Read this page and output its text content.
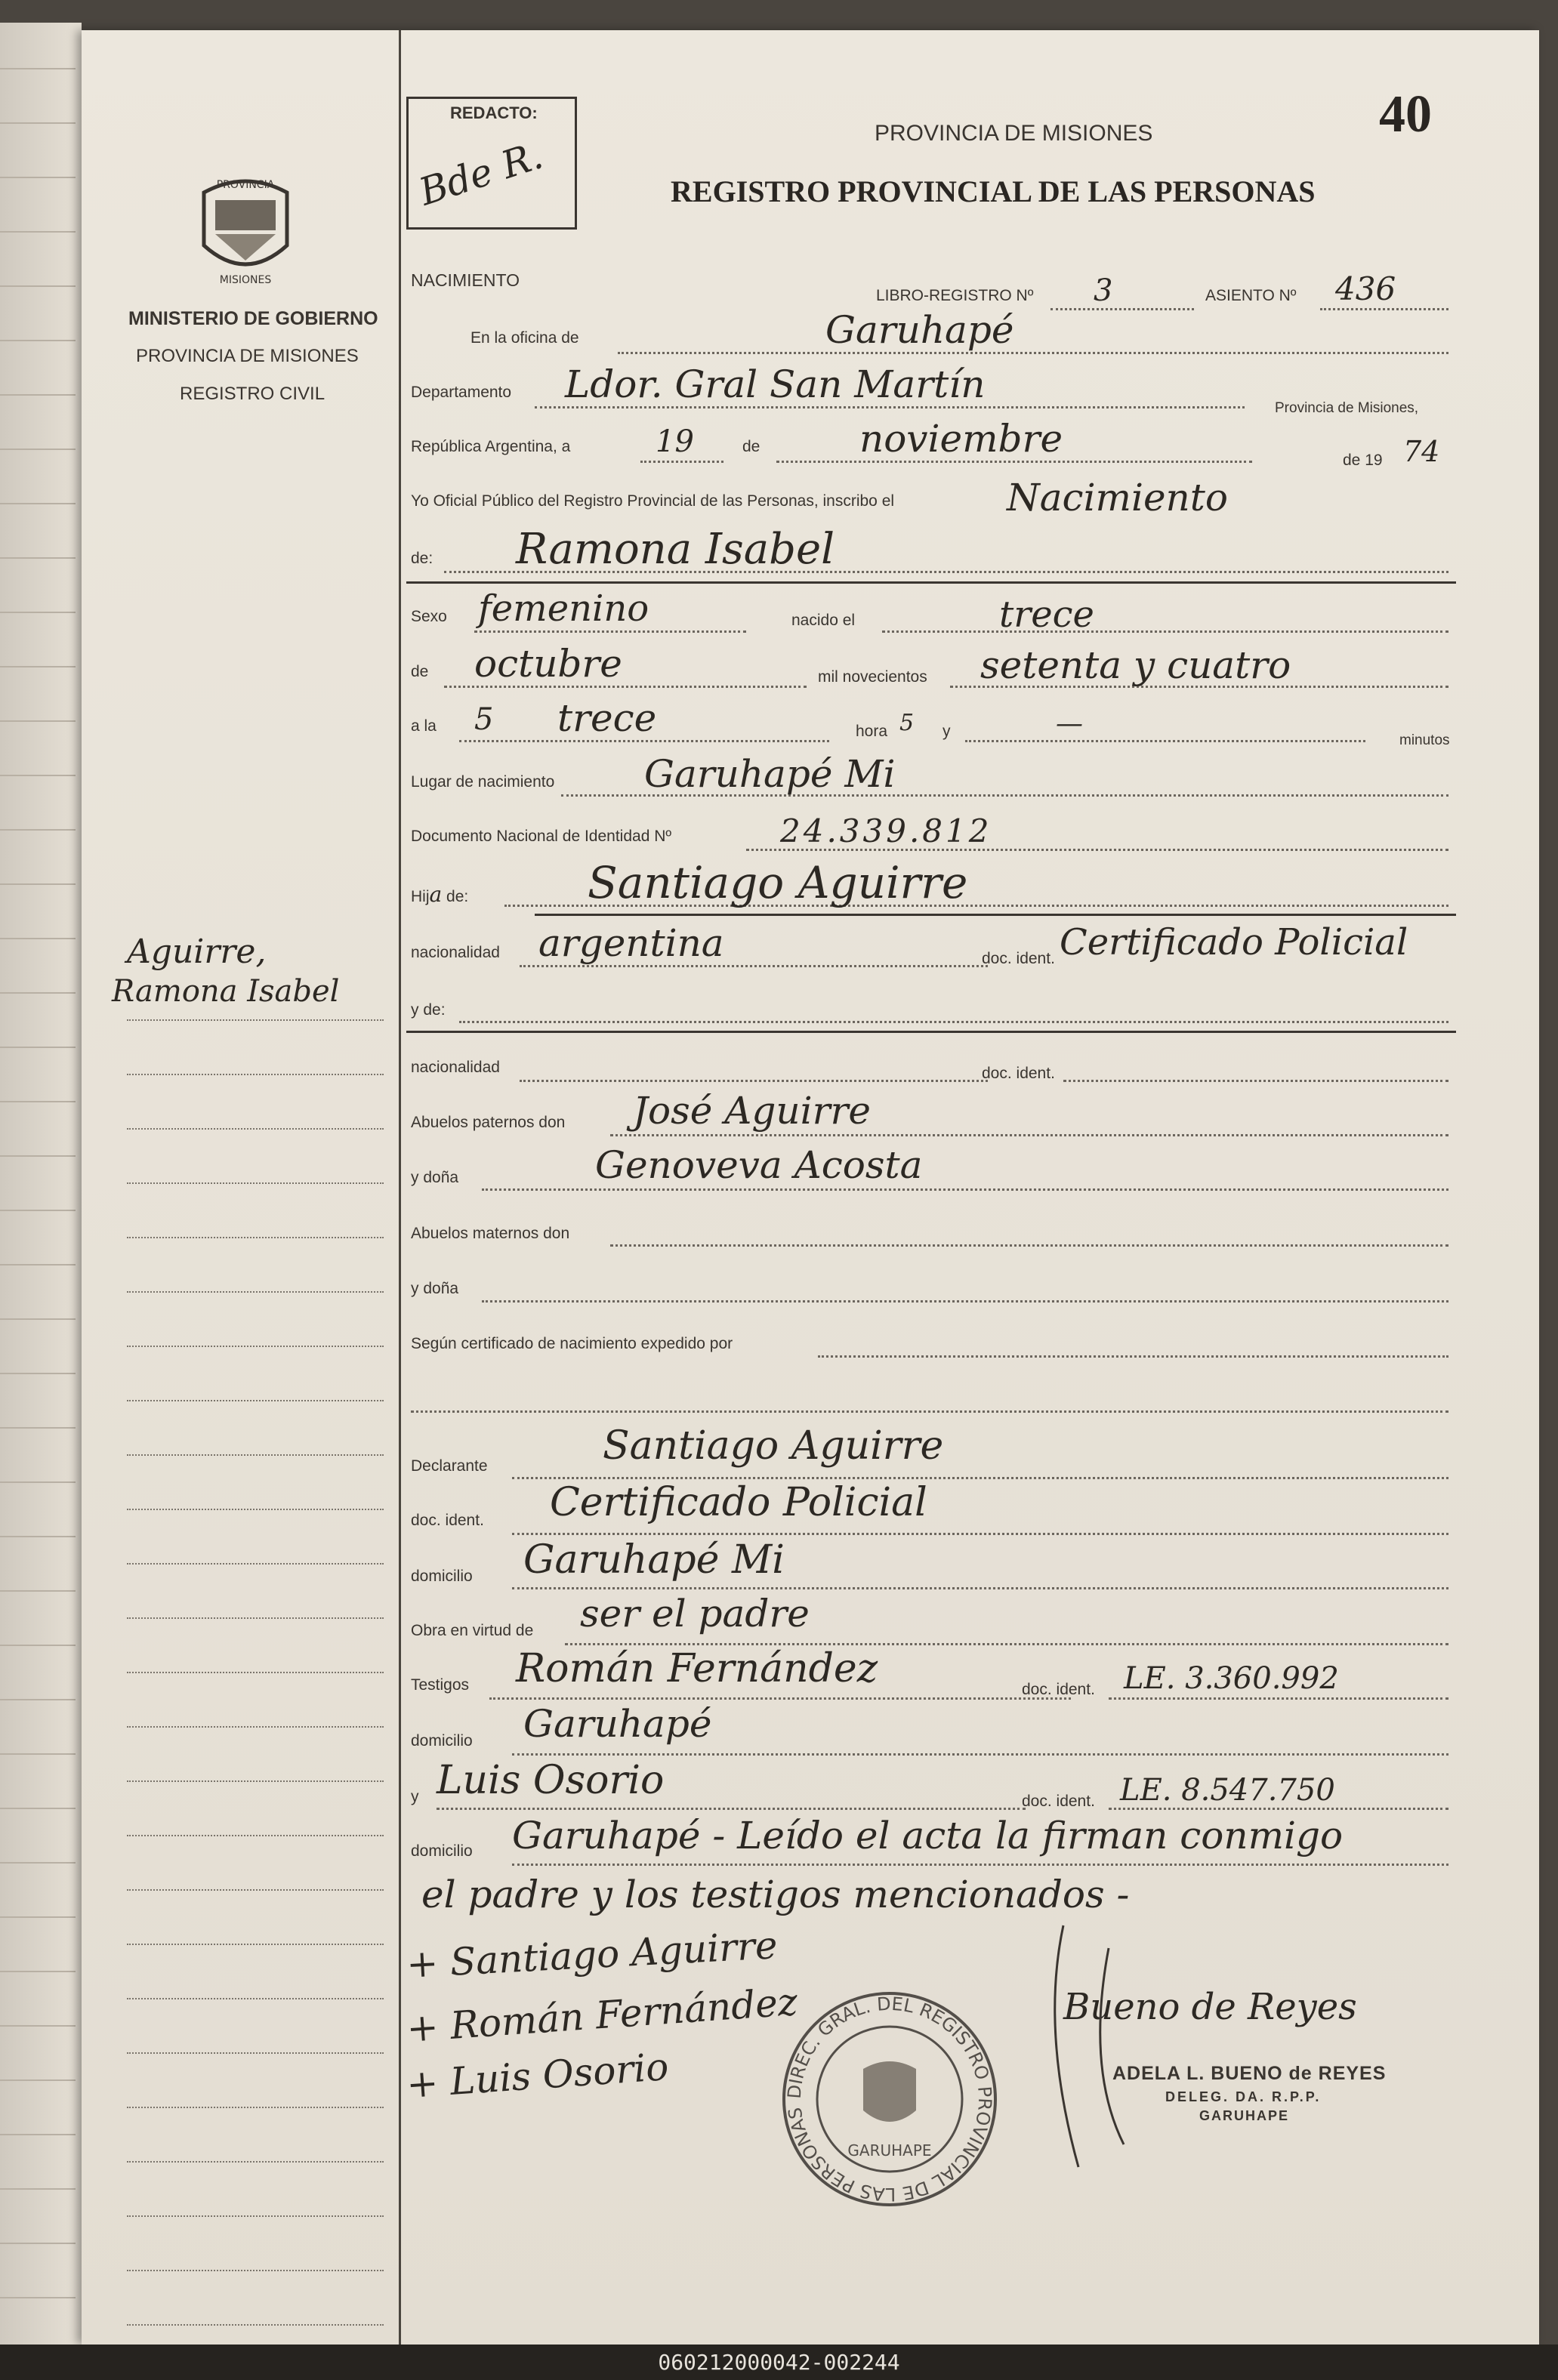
PROVINCIA
MISIONES
MINISTERIO DE GOBIERNO
PROVINCIA DE MISIONES
REGISTRO CIVIL
Aguirre,
Ramona Isabel
REDACTO:
Bde R.
40
PROVINCIA DE MISIONES
REGISTRO PROVINCIAL DE LAS PERSONAS
NACIMIENTO
LIBRO-REGISTRO Nº 3	ASIENTO Nº 436
En la oficina de	Garuhapé
Departamento Ldor. Gral San Martín
Provincia de Misiones,
República Argentina, a	19	de	noviembre	de 19 74
Yo Oficial Público del Registro Provincial de las Personas, inscribo el	Nacimiento
de: Ramona Isabel
Sexo femenino	nacido el	trece
de octubre	mil novecientos setenta y cuatro
a la 5 trece	hora 5 y	—
minutos
Lugar de nacimiento Garuhapé Mi
Documento Nacional de Identidad Nº	24.339.812
Hija de:	Santiago Aguirre
nacionalidad argentina	doc. ident. Certificado Policial
y de:
nacionalidad	doc. ident.
Abuelos paternos don José Aguirre
y doña	Genoveva Acosta
Abuelos maternos don
y doña
Según certificado de nacimiento expedido por
Declarante	Santiago Aguirre
doc. ident. Certificado Policial
domicilio Garuhapé Mi
Obra en virtud de ser el padre
Testigos Román Fernández	doc. ident. LE. 3.360.992
domicilio Garuhapé
y Luis Osorio	doc. ident. LE. 8.547.750
domicilio Garuhapé - Leído el acta la firman conmigo
el padre y los testigos mencionados -
+ Santiago Aguirre
+ Román Fernández
+ Luis Osorio	DIREC. GRAL. DEL REGISTRO PROVINCIAL DE LAS PERSONAS
GARUHAPE
Bueno de Reyes
ADELA L. BUENO de REYES
DELEG. DA. R.P.P.
GARUHAPE
060212000042-002244
